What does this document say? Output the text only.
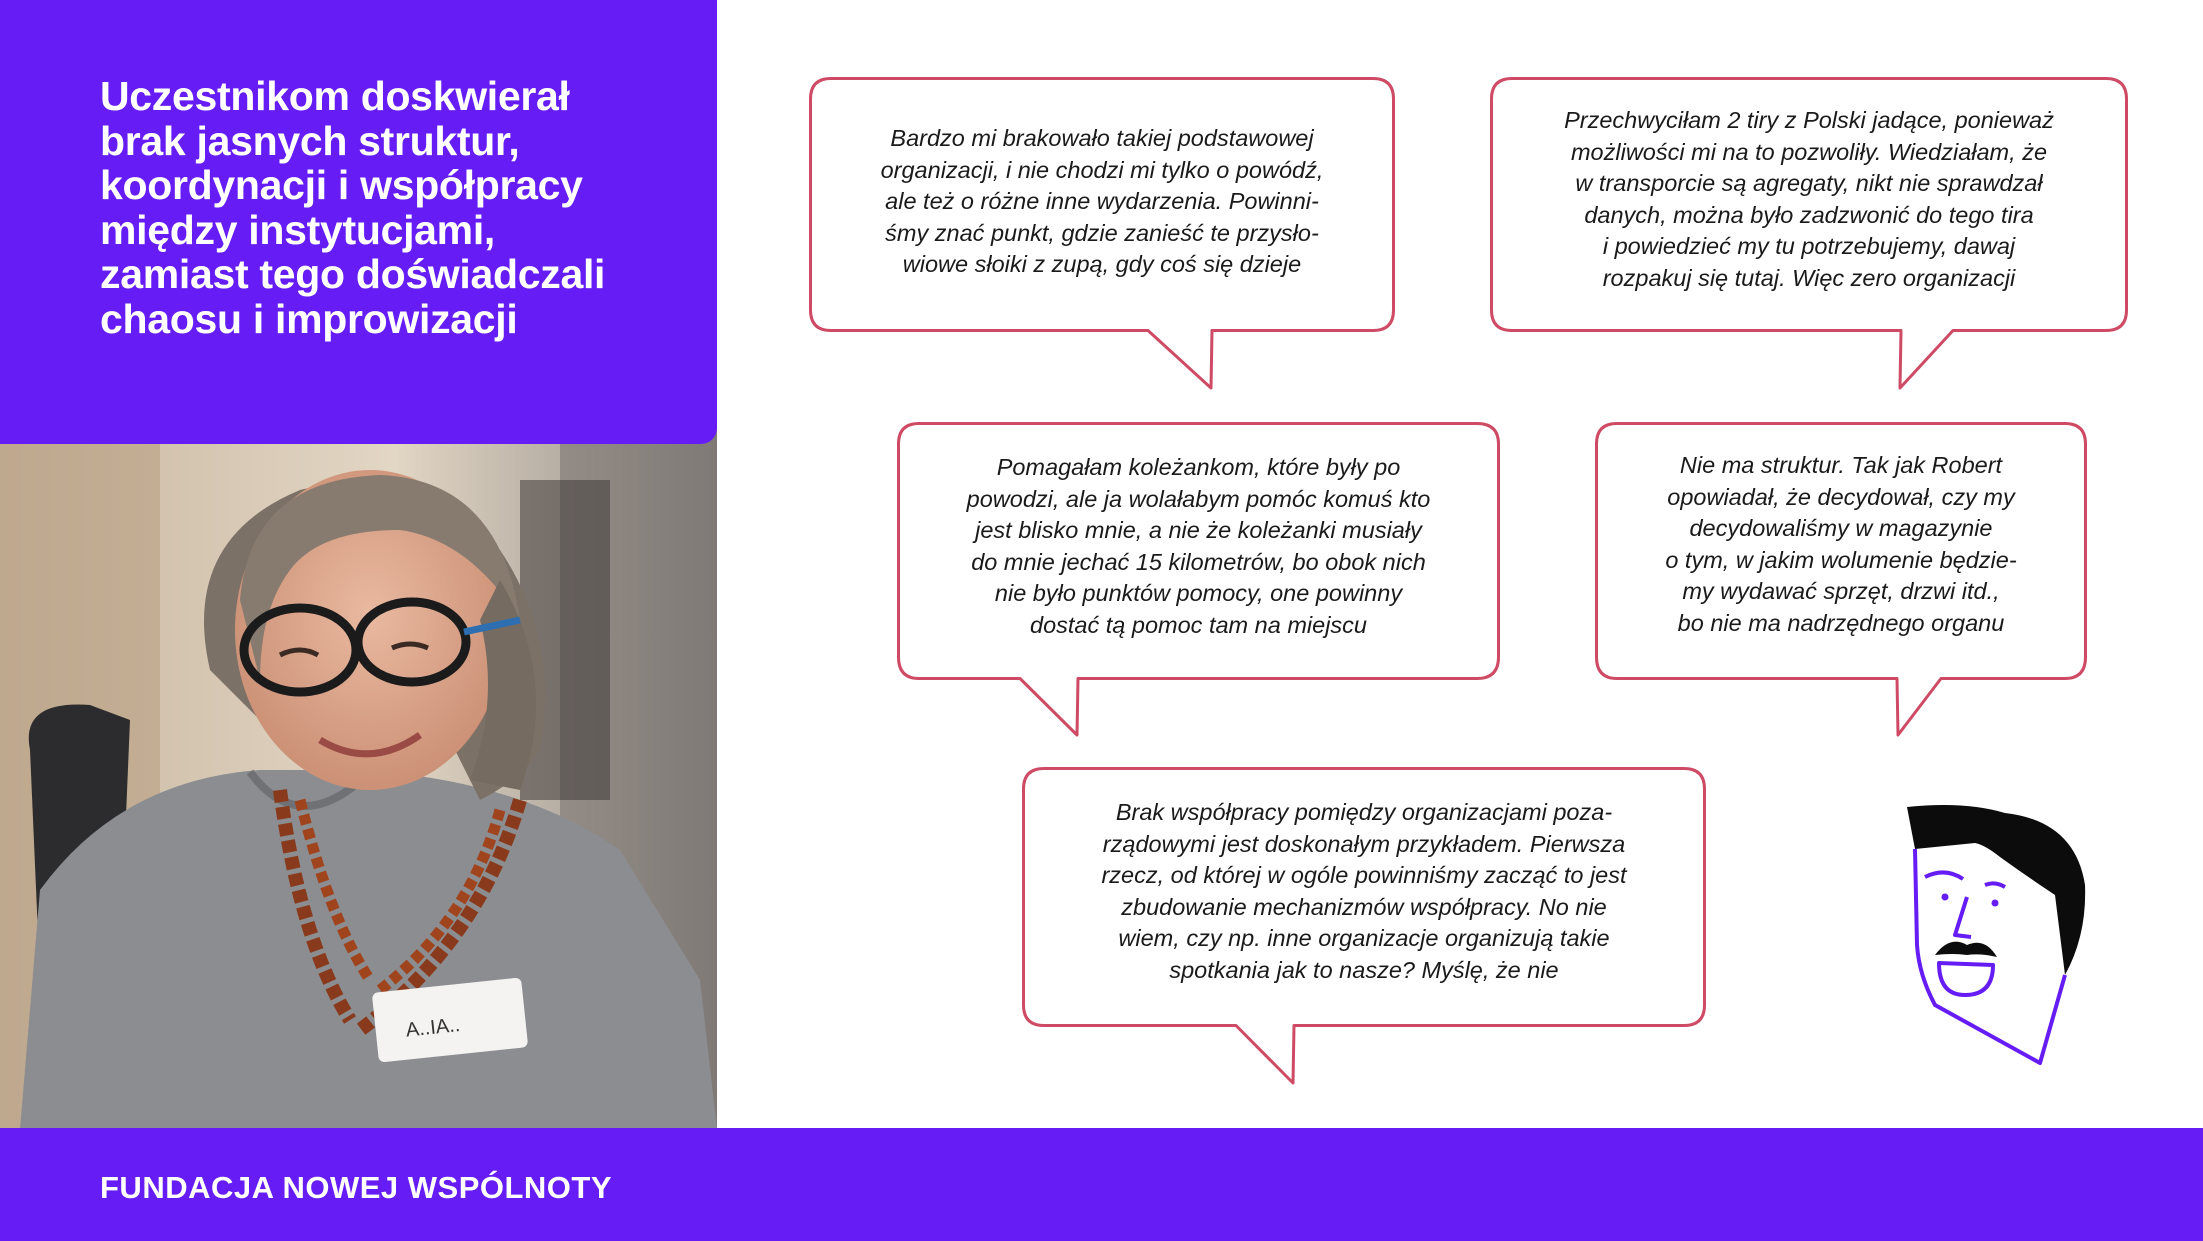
Uczestnikom doskwierał
brak jasnych struktur,
koordynacji i współpracy
między instytucjami,
zamiast tego doświadczali
chaosu i improwizacji
A..IA..

Bardzo mi brakowało takiej podstawowej
organizacji, i nie chodzi mi tylko o powódź,
ale też o różne inne wydarzenia. Powinni-
śmy znać punkt, gdzie zanieść te przysło-
wiowe słoiki z zupą, gdy coś się dzieje

Przechwyciłam 2 tiry z Polski jadące, ponieważ
możliwości mi na to pozwoliły. Wiedziałam, że
w transporcie są agregaty, nikt nie sprawdzał
danych, można było zadzwonić do tego tira
i powiedzieć my tu potrzebujemy, dawaj
rozpakuj się tutaj. Więc zero organizacji

Pomagałam koleżankom, które były po
powodzi, ale ja wolałabym pomóc komuś kto
jest blisko mnie, a nie że koleżanki musiały
do mnie jechać 15 kilometrów, bo obok nich
nie było punktów pomocy, one powinny
dostać tą pomoc tam na miejscu

Nie ma struktur. Tak jak Robert
opowiadał, że decydował, czy my
decydowaliśmy w magazynie
o tym, w jakim wolumenie będzie-
my wydawać sprzęt, drzwi itd.,
bo nie ma nadrzędnego organu

Brak współpracy pomiędzy organizacjami poza-
rządowymi jest doskonałym przykładem. Pierwsza
rzecz, od której w ogóle powinniśmy zacząć to jest
zbudowanie mechanizmów współpracy. No nie
wiem, czy np. inne organizacje organizują takie
spotkania jak to nasze? Myślę, że nie

FUNDACJA NOWEJ WSPÓLNOTY
